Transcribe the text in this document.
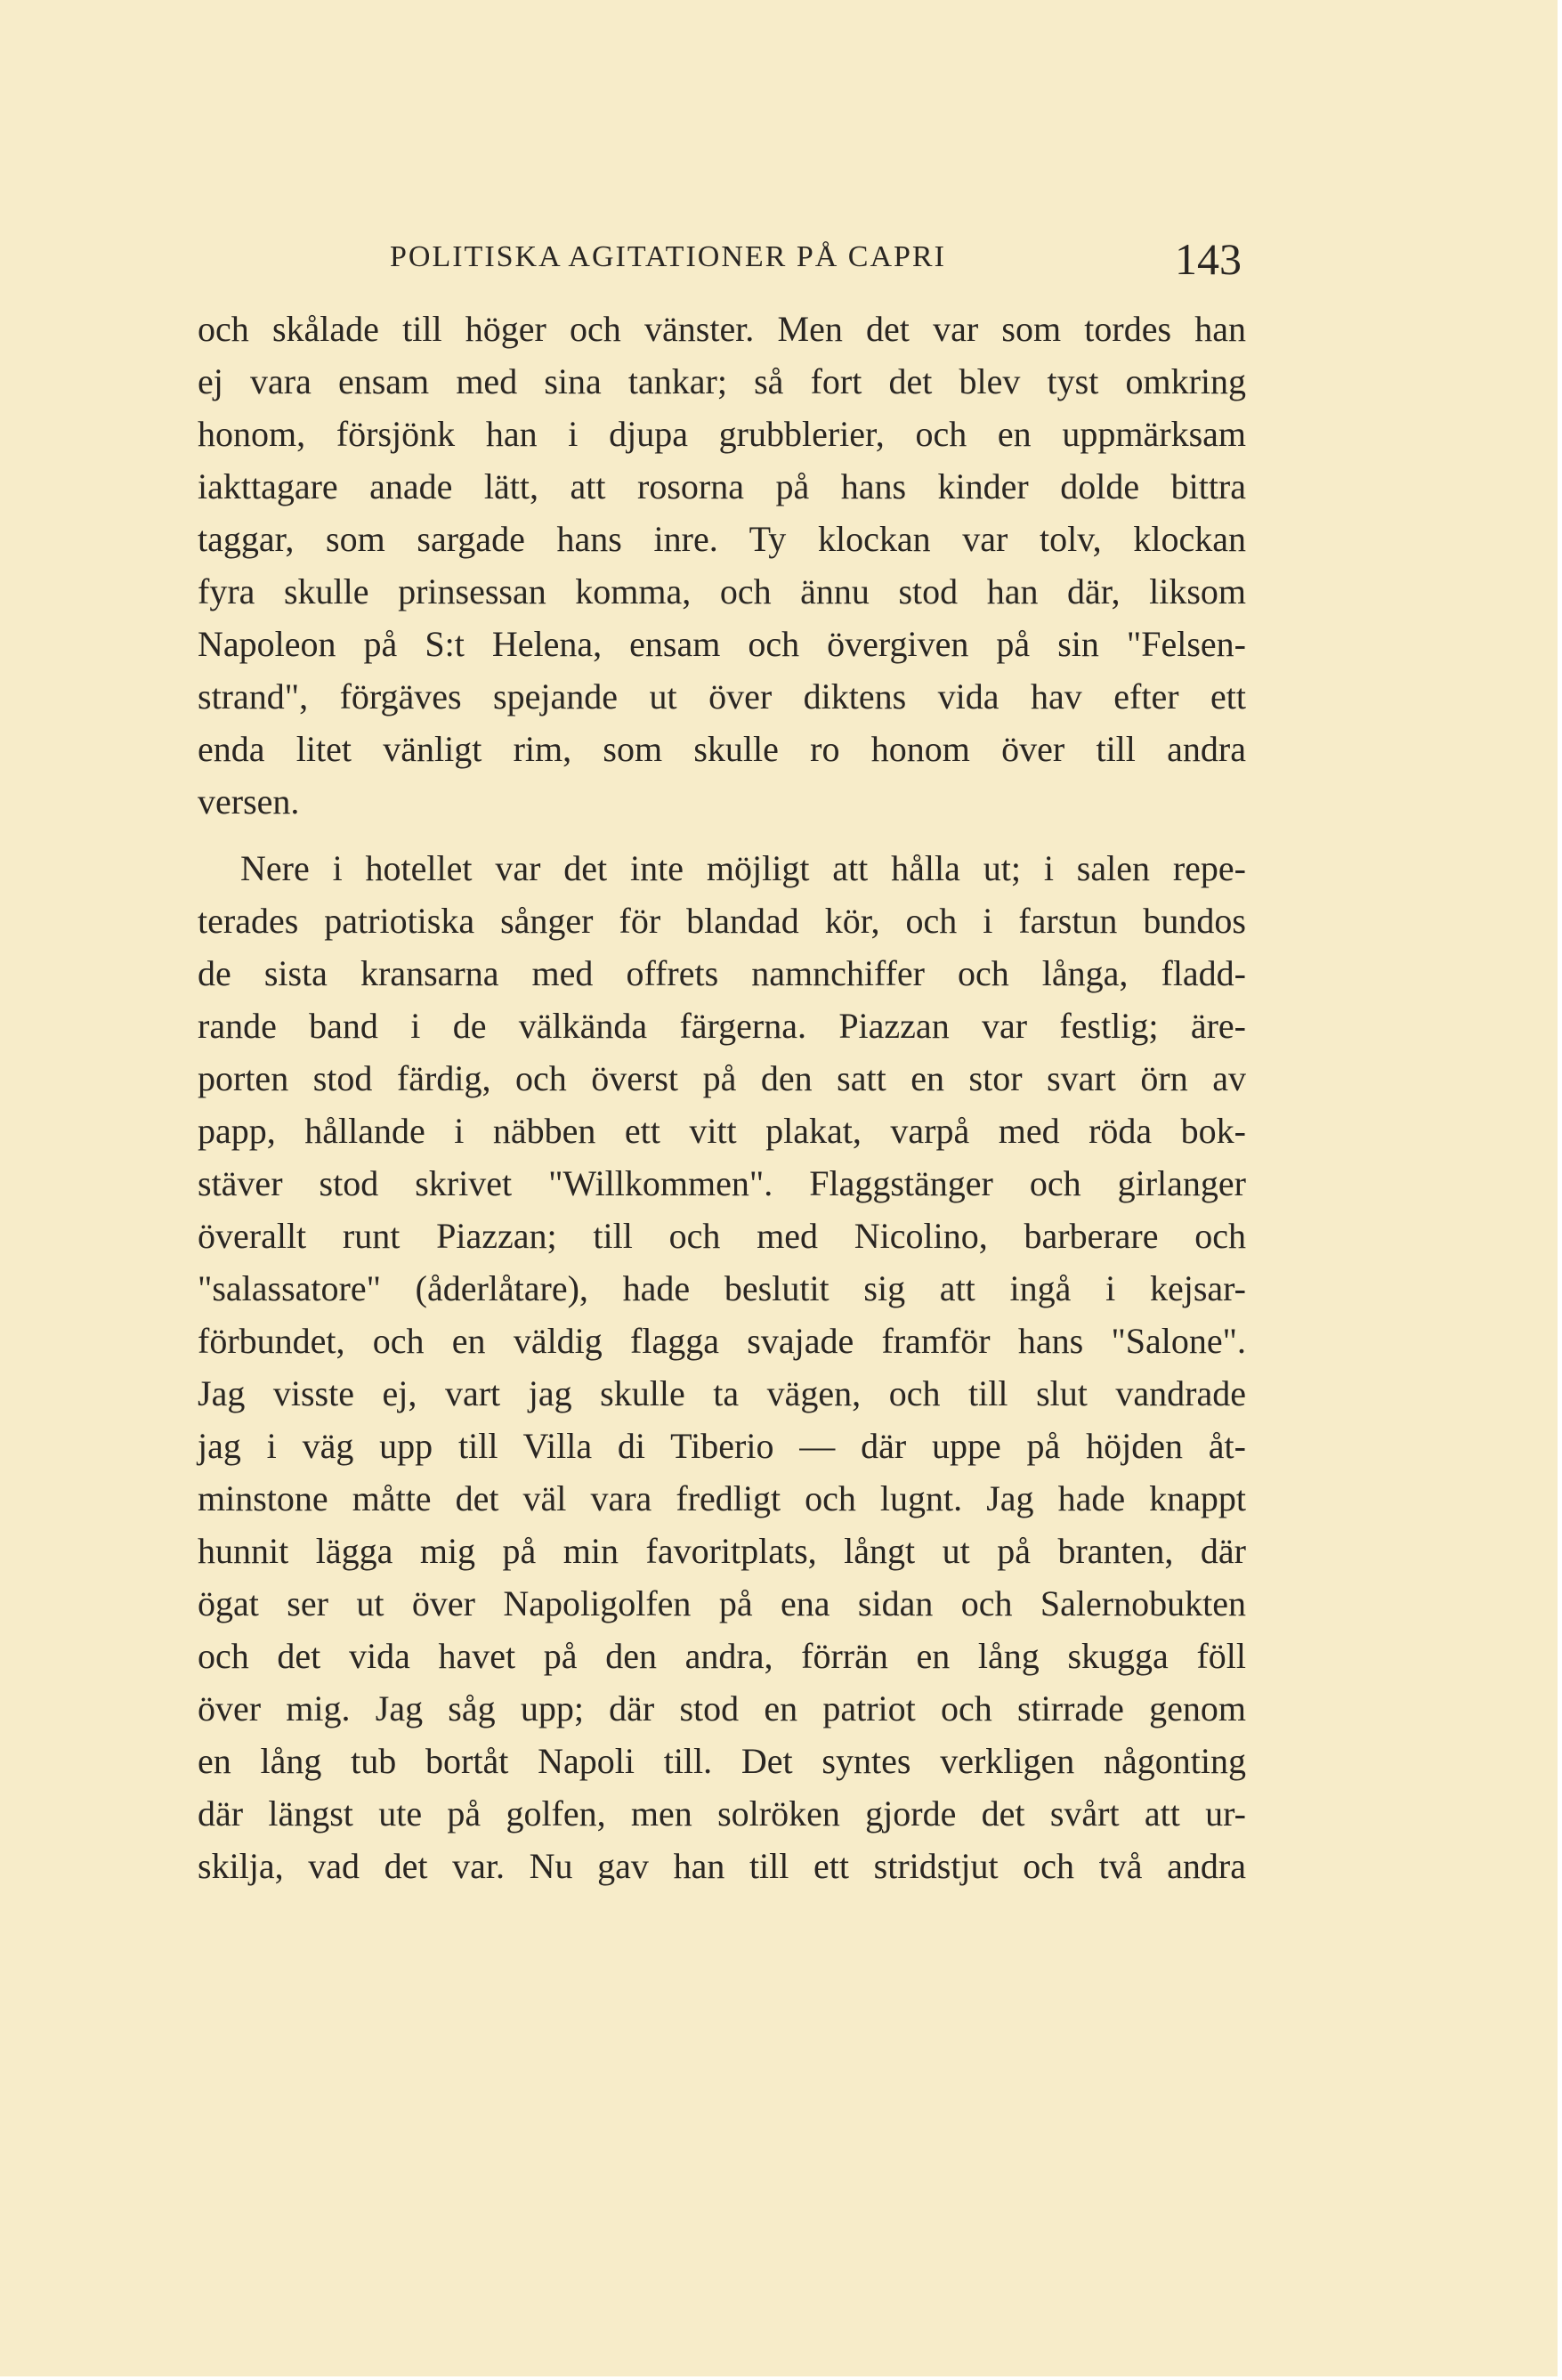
POLITISKA AGITATIONER PÅ CAPRI	143
och skålade till höger och vänster. Men det var som tordes han
ej vara ensam med sina tankar; så fort det blev tyst omkring
honom, försjönk han i djupa grubblerier, och en uppmärksam
iakttagare anade lätt, att rosorna på hans kinder dolde bittra
taggar, som sargade hans inre. Ty klockan var tolv, klockan
fyra skulle prinsessan komma, och ännu stod han där, liksom
Napoleon på S:t Helena, ensam och övergiven på sin "Felsen-
strand", förgäves spejande ut över diktens vida hav efter ett
enda litet vänligt rim, som skulle ro honom över till andra
versen.
Nere i hotellet var det inte möjligt att hålla ut; i salen repe-
terades patriotiska sånger för blandad kör, och i farstun bundos
de sista kransarna med offrets namnchiffer och långa, fladd-
rande band i de välkända färgerna. Piazzan var festlig; äre-
porten stod färdig, och överst på den satt en stor svart örn av
papp, hållande i näbben ett vitt plakat, varpå med röda bok-
stäver stod skrivet "Willkommen". Flaggstänger och girlanger
överallt runt Piazzan; till och med Nicolino, barberare och
"salassatore" (åderlåtare), hade beslutit sig att ingå i kejsar-
förbundet, och en väldig flagga svajade framför hans "Salone".
Jag visste ej, vart jag skulle ta vägen, och till slut vandrade
jag i väg upp till Villa di Tiberio — där uppe på höjden åt-
minstone måtte det väl vara fredligt och lugnt. Jag hade knappt
hunnit lägga mig på min favoritplats, långt ut på branten, där
ögat ser ut över Napoligolfen på ena sidan och Salernobukten
och det vida havet på den andra, förrän en lång skugga föll
över mig. Jag såg upp; där stod en patriot och stirrade genom
en lång tub bortåt Napoli till. Det syntes verkligen någonting
där längst ute på golfen, men solröken gjorde det svårt att ur-
skilja, vad det var. Nu gav han till ett stridstjut och två andra
